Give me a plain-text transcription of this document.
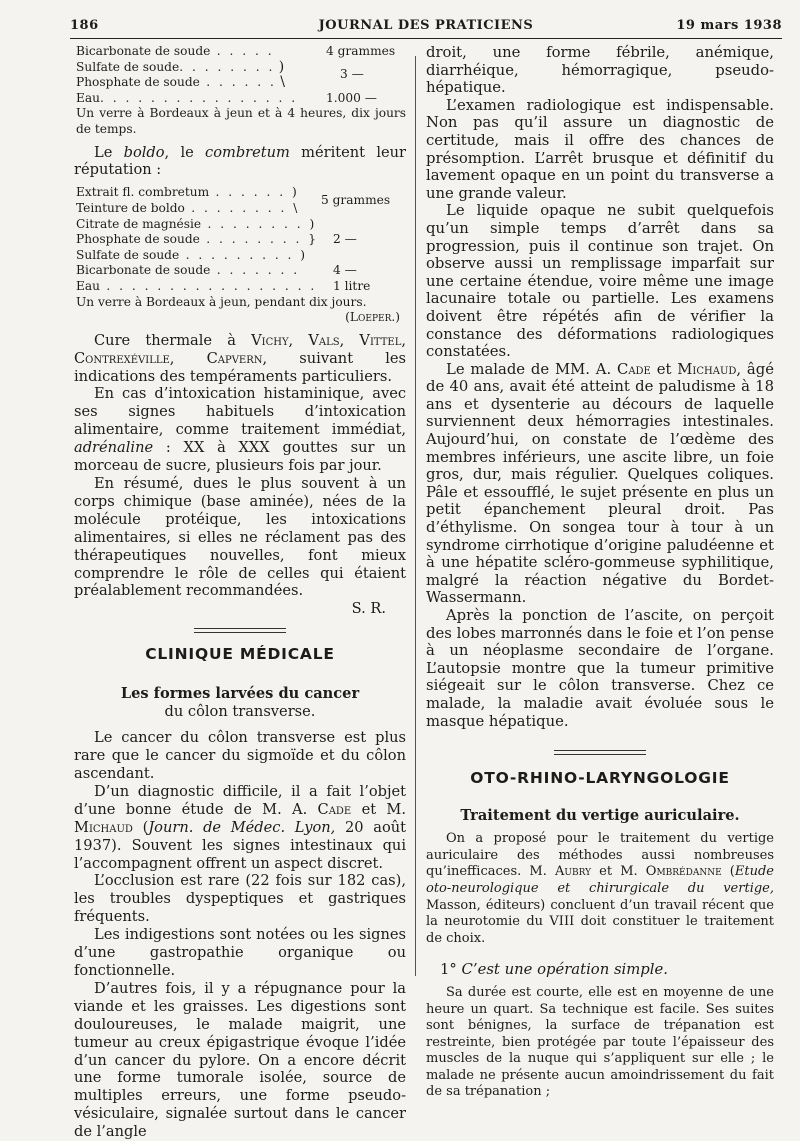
186	JOURNAL DES PRATICIENS	19 mars 1938
Bicarbonate de soude . . . . .	4 grammes
Sulfate de soude. . . . . . . . )	3 —
Phosphate de soude . . . . . . \	
Eau. . . . . . . . . . . . . . . .	1.000 —

Un verre à Bordeaux à jeun et à 4 heures, dix jours de temps.

Le boldo, le combretum méritent leur réputation :

Extrait fl. combretum . . . . . . )	5 grammes
Teinture de boldo . . . . . . . . \	
Citrate de magnésie . . . . . . . . )	2 —
Phosphate de soude . . . . . . . . }	
Sulfate de soude . . . . . . . . . )	
Bicarbonate de soude . . . . . . .	4 —
Eau . . . . . . . . . . . . . . . . .	1 litre

Un verre à Bordeaux à jeun, pendant dix jours.

(Loeper.)

Cure thermale à Vichy, Vals, Vittel, Contrexéville, Capvern, suivant les indications des tempéraments particuliers.

En cas d’intoxication histaminique, avec ses signes habituels d’intoxication alimentaire, comme traitement immédiat, adrénaline : XX à XXX gouttes sur un morceau de sucre, plusieurs fois par jour.

En résumé, dues le plus souvent à un corps chimique (base aminée), nées de la molécule protéique, les intoxications alimentaires, si elles ne réclament pas des thérapeutiques nouvelles, font mieux comprendre le rôle de celles qui étaient préalablement recommandées.

S. R.

CLINIQUE MÉDICALE

Les formes larvées du cancer

du côlon transverse.

Le cancer du côlon transverse est plus rare que le cancer du sigmoïde et du côlon ascendant.

D’un diagnostic difficile, il a fait l’objet d’une bonne étude de M. A. Cade et M. Michaud (Journ. de Médec. Lyon, 20 août 1937). Souvent les signes intestinaux qui l’accompagnent offrent un aspect discret.

L’occlusion est rare (22 fois sur 182 cas), les troubles dyspeptiques et gastriques fréquents.

Les indigestions sont notées ou les signes d’une gastropathie organique ou fonctionnelle.

D’autres fois, il y a répugnance pour la viande et les graisses. Les digestions sont douloureuses, le malade maigrit, une tumeur au creux épigastrique évoque l’idée d’un cancer du pylore. On a encore décrit une forme tumorale isolée, source de multiples erreurs, une forme pseudo-vésiculaire, signalée surtout dans le cancer de l’angle

droit, une forme fébrile, anémique, diarrhéique, hémorragique, pseudo-hépatique.

L’examen radiologique est indispensable. Non pas qu’il assure un diagnostic de certitude, mais il offre des chances de présomption. L’arrêt brusque et définitif du lavement opaque en un point du transverse a une grande valeur.

Le liquide opaque ne subit quelquefois qu’un simple temps d’arrêt dans sa progression, puis il continue son trajet. On observe aussi un remplissage imparfait sur une certaine étendue, voire même une image lacunaire totale ou partielle. Les examens doivent être répétés afin de vérifier la constance des déformations radiologiques constatées.

Le malade de MM. A. Cade et Michaud, âgé de 40 ans, avait été atteint de paludisme à 18 ans et dysenterie au décours de laquelle surviennent deux hémorragies intestinales. Aujourd’hui, on constate de l’œdème des membres inférieurs, une ascite libre, un foie gros, dur, mais régulier. Quelques coliques. Pâle et essoufflé, le sujet présente en plus un petit épanchement pleural droit. Pas d’éthylisme. On songea tour à tour à un syndrome cirrhotique d’origine paludéenne et à une hépatite scléro-gommeuse syphilitique, malgré la réaction négative du Bordet-Wassermann.

Après la ponction de l’ascite, on perçoit des lobes marronnés dans le foie et l’on pense à un néoplasme secondaire de l’organe. L’autopsie montre que la tumeur primitive siégeait sur le côlon transverse. Chez ce malade, la maladie avait évoluée sous le masque hépatique.

OTO-RHINO-LARYNGOLOGIE

Traitement du vertige auriculaire.

On a proposé pour le traitement du vertige auriculaire des méthodes aussi nombreuses qu’inefficaces. M. Aubry et M. Ombrédanne (Etude oto-neurologique et chirurgicale du vertige, Masson, éditeurs) concluent d’un travail récent que la neurotomie du VIII doit constituer le traitement de choix.

1° C’est une opération simple.

Sa durée est courte, elle est en moyenne de une heure un quart. Sa technique est facile. Ses suites sont bénignes, la surface de trépanation est restreinte, bien protégée par toute l’épaisseur des muscles de la nuque qui s’appliquent sur elle ; le malade ne présente aucun amoindrissement du fait de sa trépanation ;
